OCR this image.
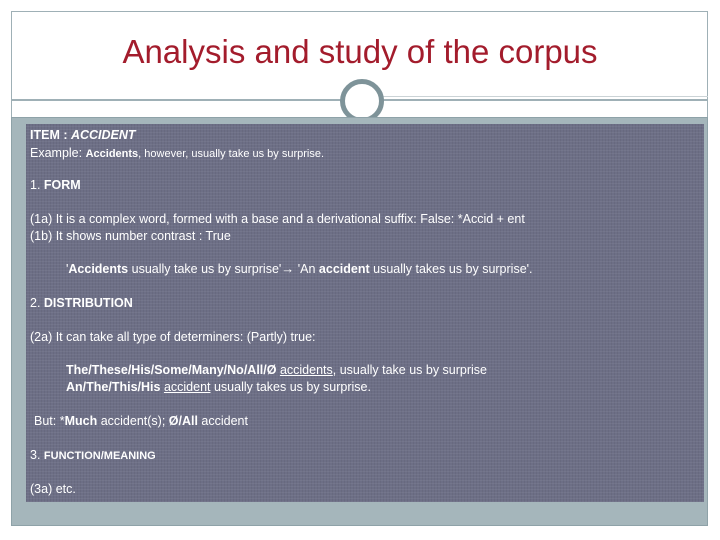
Analysis and study of the corpus
ITEM : ACCIDENT
Example: Accidents, however, usually take us by surprise.
1. FORM
(1a) It is a complex word, formed with a base and a derivational suffix: False: *Accid + ent
(1b) It shows number contrast : True
'Accidents usually take us by surprise'→ 'An accident usually takes us by surprise'.
2. DISTRIBUTION
(2a) It can take all type of determiners: (Partly) true:
The/These/His/Some/Many/No/All/Ø accidents, usually take us by surprise
An/The/This/His accident usually takes us by surprise.
But: *Much accident(s); Ø/All accident
3. FUNCTION/MEANING
(3a) etc.
